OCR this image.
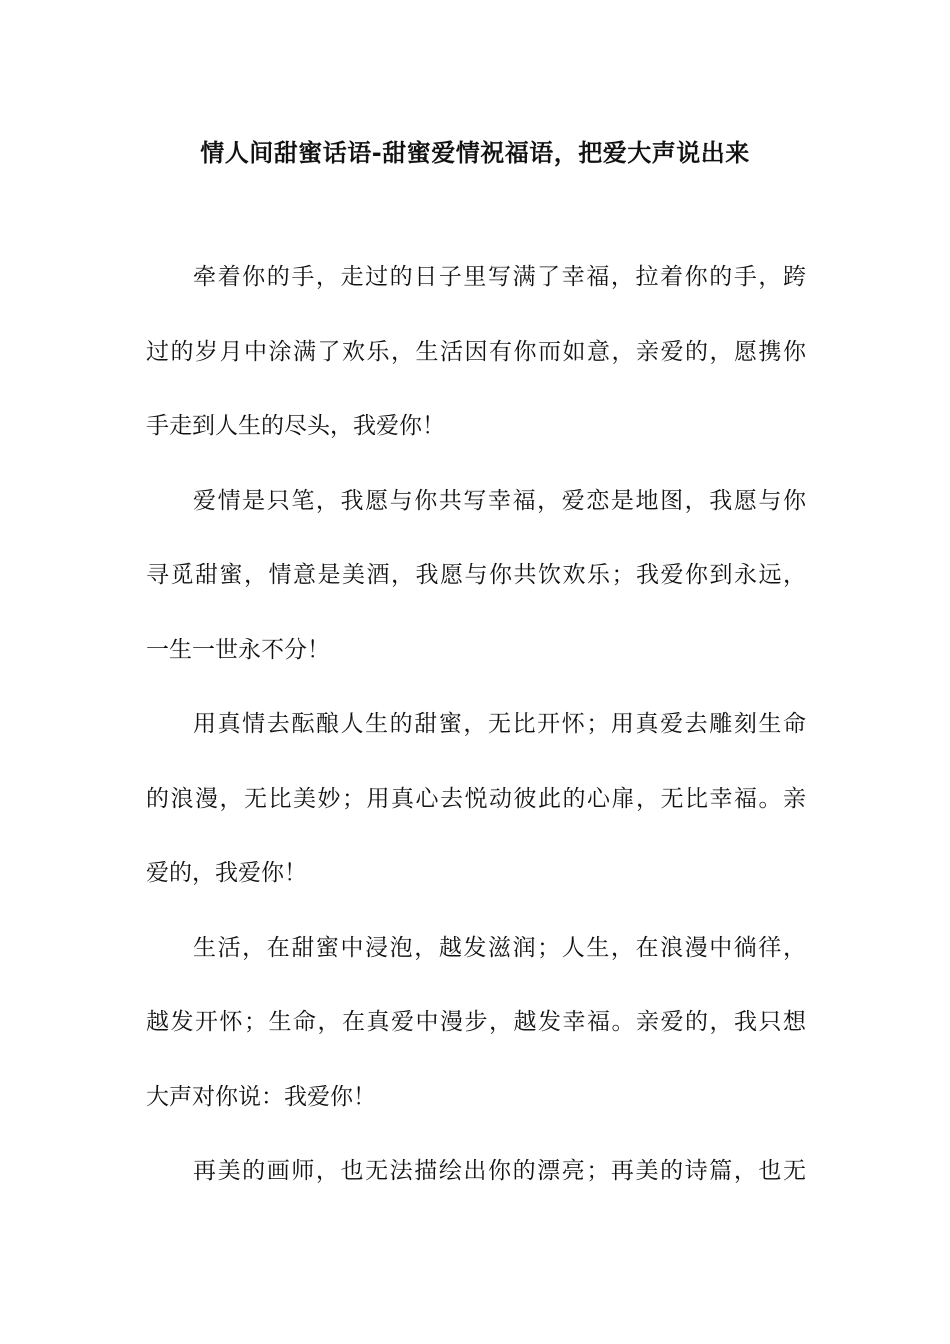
情人间甜蜜话语-甜蜜爱情祝福语，把爱大声说出来

牵着你的手，走过的日子里写满了幸福，拉着你的手，跨
过的岁月中涂满了欢乐，生活因有你而如意，亲爱的，愿携你
手走到人生的尽头，我爱你！

爱情是只笔，我愿与你共写幸福，爱恋是地图，我愿与你
寻觅甜蜜，情意是美酒，我愿与你共饮欢乐；我爱你到永远，
一生一世永不分！

用真情去酝酿人生的甜蜜，无比开怀；用真爱去雕刻生命
的浪漫，无比美妙；用真心去悦动彼此的心扉，无比幸福。亲
爱的，我爱你！

生活，在甜蜜中浸泡，越发滋润；人生，在浪漫中徜徉，
越发开怀；生命，在真爱中漫步，越发幸福。亲爱的，我只想
大声对你说：我爱你！

再美的画师，也无法描绘出你的漂亮；再美的诗篇，也无
